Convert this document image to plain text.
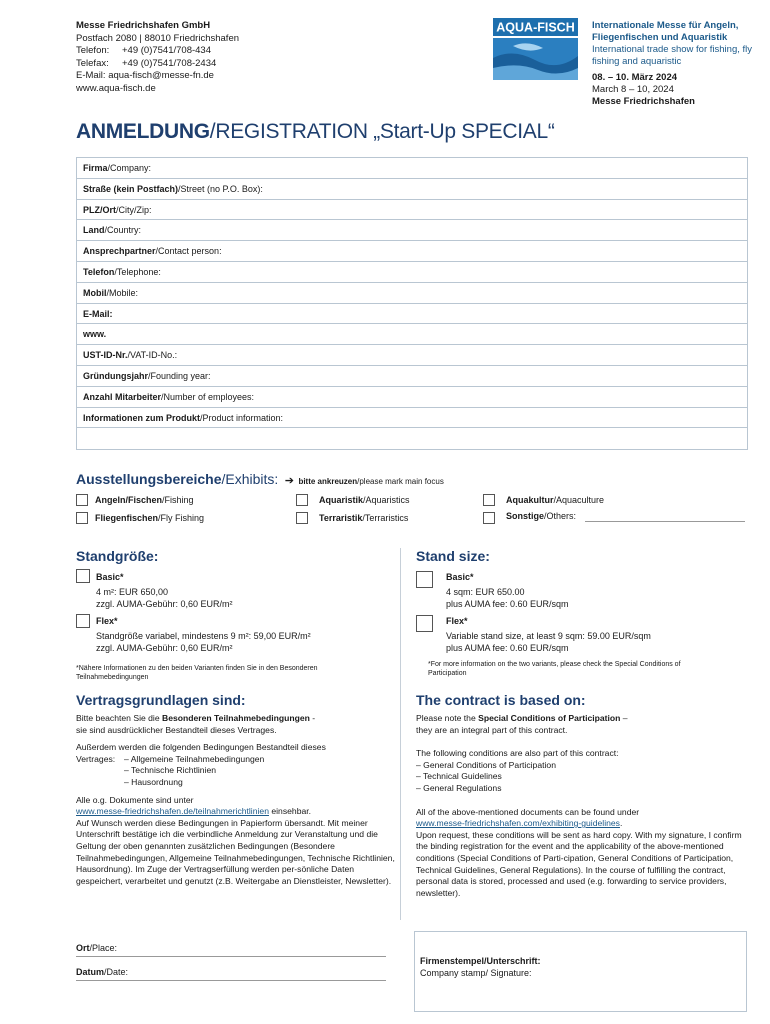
Messe Friedrichshafen GmbH
Postfach 2080 | 88010 Friedrichshafen
Telefon: +49 (0)7541/708-434
Telefax: +49 (0)7541/708-2434
E-Mail: aqua-fisch@messe-fn.de
www.aqua-fisch.de
AQUA-FISCH Internationale Messe für Angeln, Fliegenfischen und Aquaristik
International trade show for fishing, fly fishing and aquaristic
08. – 10. März 2024
March 8 – 10, 2024
Messe Friedrichshafen
ANMELDUNG/REGISTRATION „Start-Up SPECIAL“
Firma/Company:
Straße (kein Postfach)/Street (no P.O. Box):
PLZ/Ort/City/Zip:
Land/Country:
Ansprechpartner/Contact person:
Telefon/Telephone:
Mobil/Mobile:
E-Mail:
www.
UST-ID-Nr./VAT-ID-No.:
Gründungsjahr/Founding year:
Anzahl Mitarbeiter/Number of employees:
Informationen zum Produkt/Product information:
Ausstellungsbereiche/Exhibits: ➔ bitte ankreuzen/please mark main focus
Angeln/Fischen/Fishing	Aquaristik/Aquaristics	Aquakultur/Aquaculture
Fliegenfischen/Fly Fishing	Terraristik/Terraristics	Sonstige/Others:
Standgröße:
Basic*
4 m²: EUR 650,00
zzgl. AUMA-Gebühr: 0,60 EUR/m²
Flex*
Standgröße variabel, mindestens 9 m²: 59,00 EUR/m²
zzgl. AUMA-Gebühr: 0,60 EUR/m²
*Nähere Informationen zu den beiden Varianten finden Sie in den Besonderen Teilnahmebedingungen
Stand size:
Basic*
4 sqm: EUR 650.00
plus AUMA fee: 0.60 EUR/sqm
Flex*
Variable stand size, at least 9 sqm: 59.00 EUR/sqm
plus AUMA fee: 0.60 EUR/sqm
*For more information on the two variants, please check the Special Conditions of Participation
Vertragsgrundlagen sind:
Bitte beachten Sie die Besonderen Teilnahmebedingungen -
sie sind ausdrücklicher Bestandteil dieses Vertrages.
Außerdem werden die folgenden Bedingungen Bestandteil dieses
Vertrages:	– Allgemeine Teilnahmebedingungen
– Technische Richtlinien
– Hausordnung
Alle o.g. Dokumente sind unter
www.messe-friedrichshafen.de/teilnahmerichtlinien einsehbar.
Auf Wunsch werden diese Bedingungen in Papierform übersandt. Mit meiner Unterschrift bestätige ich die verbindliche Anmeldung zur Veranstaltung und die Geltung der oben genannten zusätzlichen Bedingungen (Besondere Teilnahmebedingungen, Allgemeine Teilnahmebedingungen, Technische Richtlinien, Hausordnung). Im Zuge der Vertragserfüllung werden per-sönliche Daten gespeichert, verarbeitet und genutzt (z.B. Weitergabe an Dienstleister, Newsletter).
The contract is based on:
Please note the Special Conditions of Participation –
they are an integral part of this contract.
The following conditions are also part of this contract:
– General Conditions of Participation
– Technical Guidelines
– General Regulations
All of the above-mentioned documents can be found under
www.messe-friedrichshafen.com/exhibiting-guidelines.
Upon request, these conditions will be sent as hard copy. With my signature, I confirm the binding registration for the event and the applicability of the above-mentioned conditions (Special Conditions of Parti-cipation, General Conditions of Participation, Technical Guidelines, General Regulations). In the course of fulfilling the contract, personal data is stored, processed and used (e.g. forwarding to service providers, newsletter).
Ort/Place:
Datum/Date:
Firmenstempel/Unterschrift:
Company stamp/ Signature:
